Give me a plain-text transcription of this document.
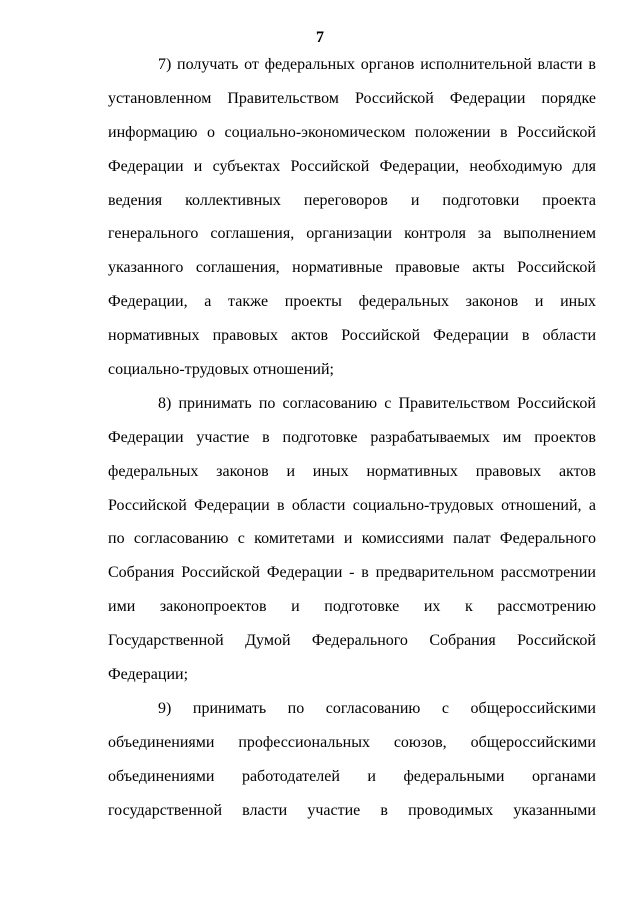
7
7) получать от федеральных органов исполнительной власти в
установленном Правительством Российской Федерации порядке
информацию о социально-экономическом положении в Российской
Федерации и субъектах Российской Федерации, необходимую для
ведения коллективных переговоров и подготовки проекта
генерального соглашения, организации контроля за выполнением
указанного соглашения, нормативные правовые акты Российской
Федерации, а также проекты федеральных законов и иных
нормативных правовых актов Российской Федерации в области
социально-трудовых отношений;
8) принимать по согласованию с Правительством Российской
Федерации участие в подготовке разрабатываемых им проектов
федеральных законов и иных нормативных правовых актов
Российской Федерации в области социально-трудовых отношений, а
по согласованию с комитетами и комиссиями палат Федерального
Собрания Российской Федерации - в предварительном рассмотрении
ими законопроектов и подготовке их к рассмотрению
Государственной Думой Федерального Собрания Российской
Федерации;
9) принимать по согласованию с общероссийскими
объединениями профессиональных союзов, общероссийскими
объединениями работодателей и федеральными органами
государственной власти участие в проводимых указанными
